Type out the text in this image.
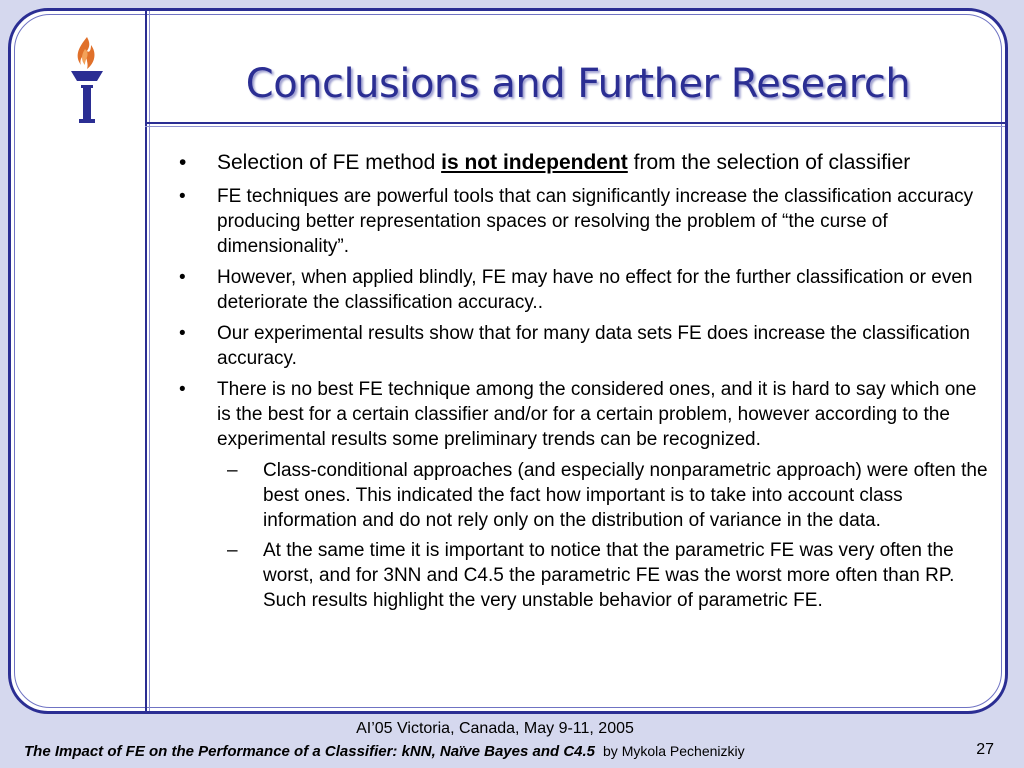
Conclusions and Further Research
• Selection of FE method is not independent from the selection of classifier
• FE techniques are powerful tools that can significantly increase the classification accuracy producing better representation spaces or resolving the problem of “the curse of dimensionality”.
• However, when applied blindly, FE may have no effect for the further classification or even deteriorate the classification accuracy..
• Our experimental results show that for many data sets FE does increase the classification accuracy.
• There is no best FE technique among the considered ones, and it is hard to say which one is the best for a certain classifier and/or for a certain problem, however according to the experimental results some preliminary trends can be recognized.
– Class-conditional approaches (and especially nonparametric approach) were often the best ones. This indicated the fact how important is to take into account class information and do not rely only on the distribution of variance in the data.
– At the same time it is important to notice that the parametric FE was very often the worst, and for 3NN and C4.5 the parametric FE was the worst more often than RP. Such results highlight the very unstable behavior of parametric FE.
AI’05 Victoria, Canada, May 9-11, 2005
The Impact of FE on the Performance of a Classifier: kNN, Naïve Bayes and C4.5 by Mykola Pechenizkiy	27
